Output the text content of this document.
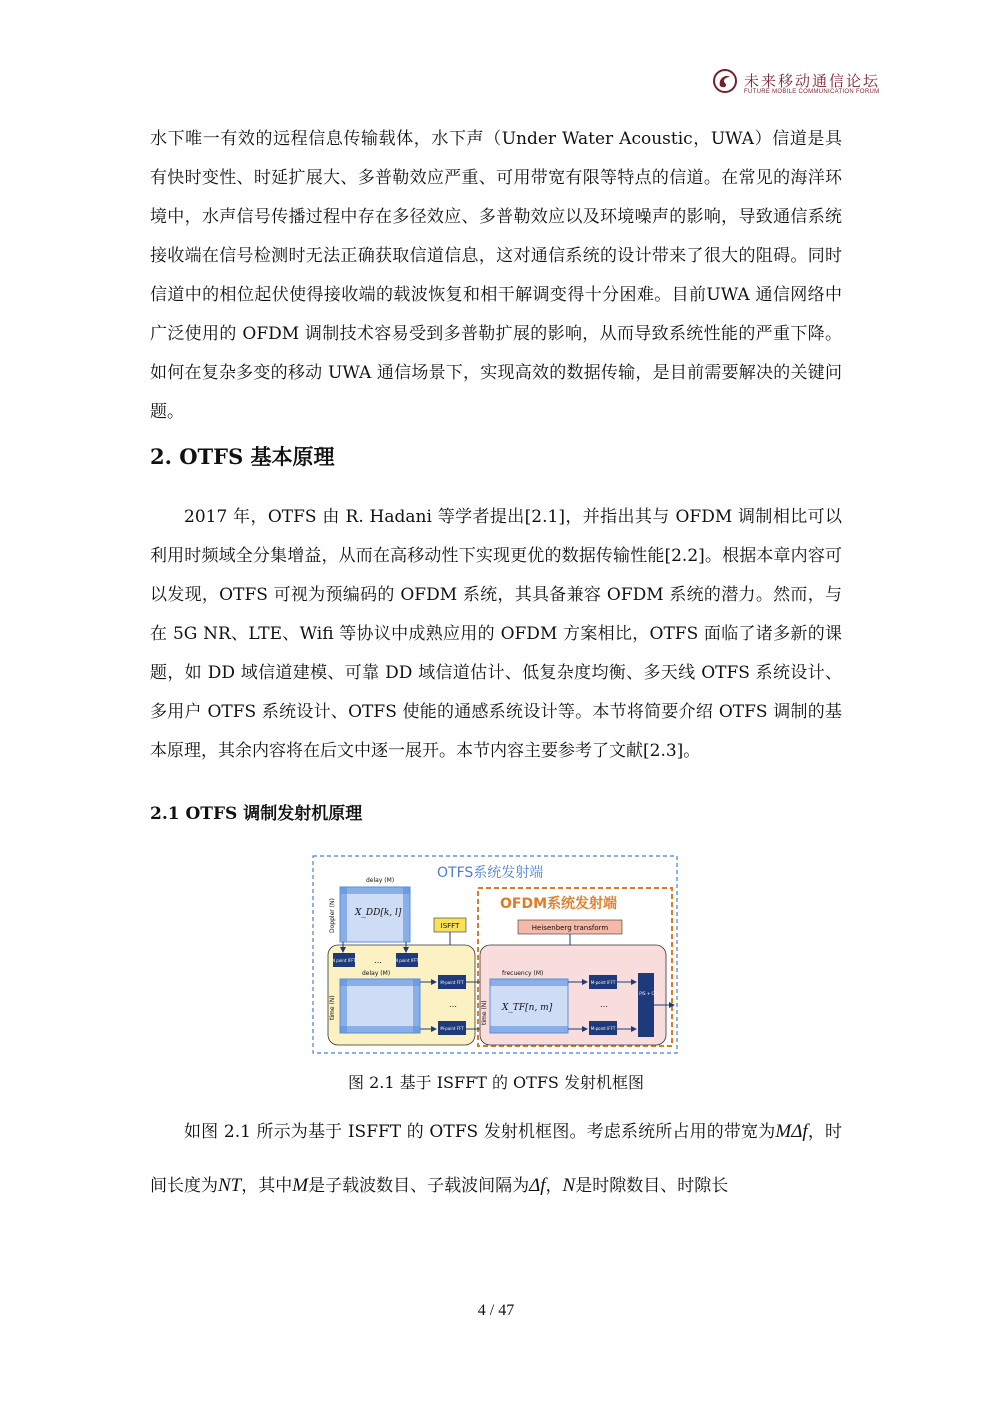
未来移动通信论坛
FUTURE MOBILE COMMUNICATION FORUM
水下唯一有效的远程信息传输载体，水下声（Under Water Acoustic，UWA）信道是具有快时变性、时延扩展大、多普勒效应严重、可用带宽有限等特点的信道。在常见的海洋环境中，水声信号传播过程中存在多径效应、多普勒效应以及环境噪声的影响，导致通信系统接收端在信号检测时无法正确获取信道信息，这对通信系统的设计带来了很大的阻碍。同时信道中的相位起伏使得接收端的载波恢复和相干解调变得十分困难。目前UWA 通信网络中广泛使用的 OFDM 调制技术容易受到多普勒扩展的影响，从而导致系统性能的严重下降。如何在复杂多变的移动 UWA 通信场景下，实现高效的数据传输，是目前需要解决的关键问题。
2. OTFS 基本原理
2017 年，OTFS 由 R. Hadani 等学者提出[2.1]，并指出其与 OFDM 调制相比可以利用时频域全分集增益，从而在高移动性下实现更优的数据传输性能[2.2]。根据本章内容可以发现，OTFS 可视为预编码的 OFDM 系统，其具备兼容 OFDM 系统的潜力。然而，与在 5G NR、LTE、Wifi 等协议中成熟应用的 OFDM 方案相比，OTFS 面临了诸多新的课题，如 DD 域信道建模、可靠 DD 域信道估计、低复杂度均衡、多天线 OTFS 系统设计、多用户 OTFS 系统设计、OTFS 使能的通感系统设计等。本节将简要介绍 OTFS 调制的基本原理，其余内容将在后文中逐一展开。本节内容主要参考了文献[2.3]。
2.1 OTFS 调制发射机原理
OTFS系统发射端
OFDM系统发射端
Heisenberg transform
delay (M)
X_DD[k, l]
Doppler (N)	ISFFT
N point IFFT …	N point IFFT
delay (M)
time (N)
M-point FFT
…
M-point FFT
frecuency (M)
X_TF[n, m]
time (N)
M-point IFFT
…
M-point IFFT
P/S + CP
图 2.1 基于 ISFFT 的 OTFS 发射机框图
如图 2.1 所示为基于 ISFFT 的 OTFS 发射机框图。考虑系统所占用的带宽为MΔf，时间长度为NT，其中M是子载波数目、子载波间隔为Δf，N是时隙数目、时隙长
4 / 47
